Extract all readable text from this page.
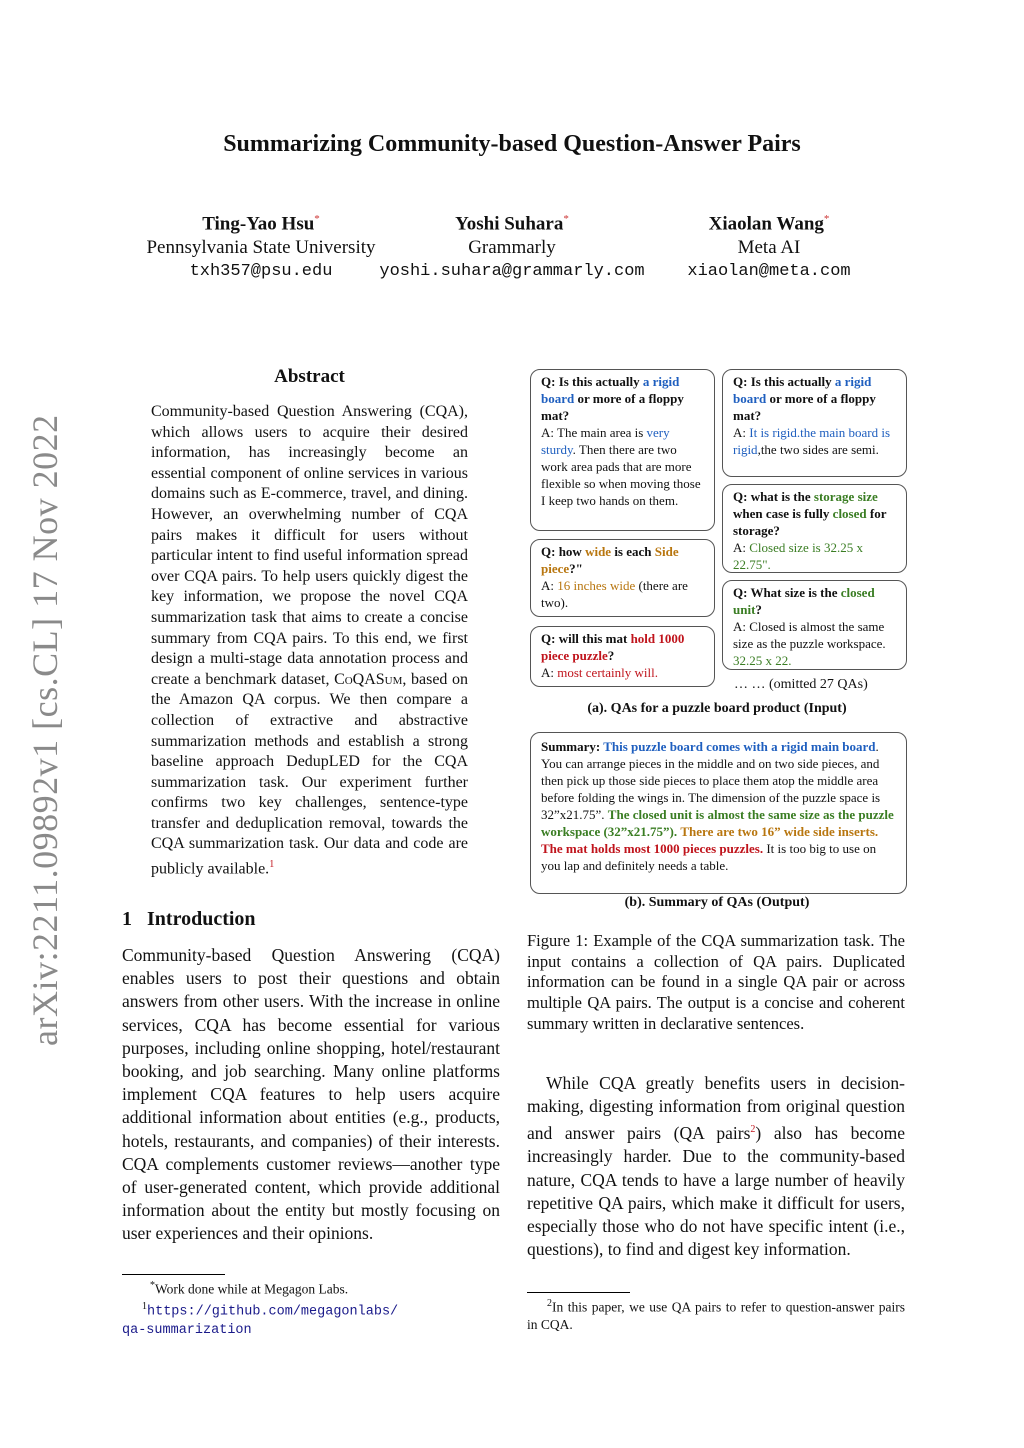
Summarizing Community-based Question-Answer Pairs
Ting-Yao Hsu*
Pennsylvania State University
txh357@psu.edu
Yoshi Suhara*
Grammarly
yoshi.suhara@grammarly.com
Xiaolan Wang*
Meta AI
xiaolan@meta.com
arXiv:2211.09892v1 [cs.CL] 17 Nov 2022
Abstract
Community-based Question Answering (CQA), which allows users to acquire their desired information, has increasingly become an essential component of online services in various domains such as E-commerce, travel, and dining. However, an overwhelming number of CQA pairs makes it difficult for users without particular intent to find useful information spread over CQA pairs. To help users quickly digest the key information, we propose the novel CQA summarization task that aims to create a concise summary from CQA pairs. To this end, we first design a multi-stage data annotation process and create a benchmark dataset, CoQASum, based on the Amazon QA corpus. We then compare a collection of extractive and abstractive summarization methods and establish a strong baseline approach DedupLED for the CQA summarization task. Our experiment further confirms two key challenges, sentence-type transfer and deduplication removal, towards the CQA summarization task. Our data and code are publicly available.$^1$
1 Introduction
Community-based Question Answering (CQA) enables users to post their questions and obtain answers from other users. With the increase in online services, CQA has become essential for various purposes, including online shopping, hotel/restaurant booking, and job searching. Many online platforms implement CQA features to help users acquire additional information about entities (e.g., products, hotels, restaurants, and companies) of their interests. CQA complements customer reviews—another type of user-generated content, which provide additional information about the entity but mostly focusing on user experiences and their opinions.
*Work done while at Megagon Labs.
$^1$https://github.com/megagonlabs/
qa-summarization
Q: Is this actually a rigid board or more of a floppy mat?
A: The main area is very sturdy. Then there are two work area pads that are more flexible so when moving those I keep two hands on them.
Q: how wide is each Side piece?"
A: 16 inches wide (there are two).
Q: will this mat hold 1000 piece puzzle?
A: most certainly will.
Q: Is this actually a rigid board or more of a floppy mat?
A: It is rigid.the main board is rigid,the two sides are semi.
Q: what is the storage size when case is fully closed for storage?
A: Closed size is 32.25 x 22.75".
Q: What size is the closed unit?
A: Closed is almost the same size as the puzzle workspace. 32.25 x 22.
… … (omitted 27 QAs)
(a). QAs for a puzzle board product (Input)
Summary: This puzzle board comes with a rigid main board. You can arrange pieces in the middle and on two side pieces, and then pick up those side pieces to place them atop the middle area before folding the wings in. The dimension of the puzzle space is 32”x21.75”. The closed unit is almost the same size as the puzzle workspace (32”x21.75”). There are two 16” wide side inserts. The mat holds most 1000 pieces puzzles. It is too big to use on you lap and definitely needs a table.
(b). Summary of QAs (Output)
Figure 1: Example of the CQA summarization task. The input contains a collection of QA pairs. Duplicated information can be found in a single QA pair or across multiple QA pairs. The output is a concise and coherent summary written in declarative sentences.
While CQA greatly benefits users in decision-making, digesting information from original question and answer pairs (QA pairs$^2$) also has become increasingly harder. Due to the community-based nature, CQA tends to have a large number of heavily repetitive QA pairs, which make it difficult for users, especially those who do not have specific intent (i.e., questions), to find and digest key information.
$^2$In this paper, we use QA pairs to refer to question-answer pairs in CQA.
